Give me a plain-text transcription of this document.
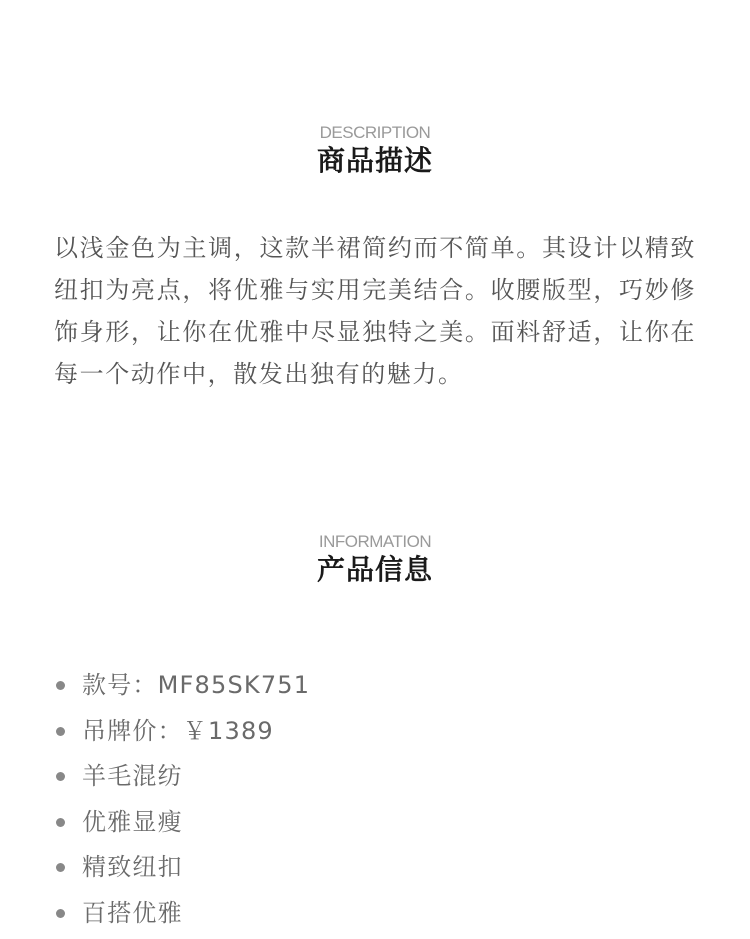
DESCRIPTION
商品描述

以浅金色为主调，这款半裙简约而不简单。其设计以精致纽扣为亮点，将优雅与实用完美结合。收腰版型，巧妙修饰身形，让你在优雅中尽显独特之美。面料舒适，让你在每一个动作中，散发出独有的魅力。

INFORMATION
产品信息
款号：MF85SK751
吊牌价：￥1389
羊毛混纺
优雅显瘦
精致纽扣
百搭优雅
